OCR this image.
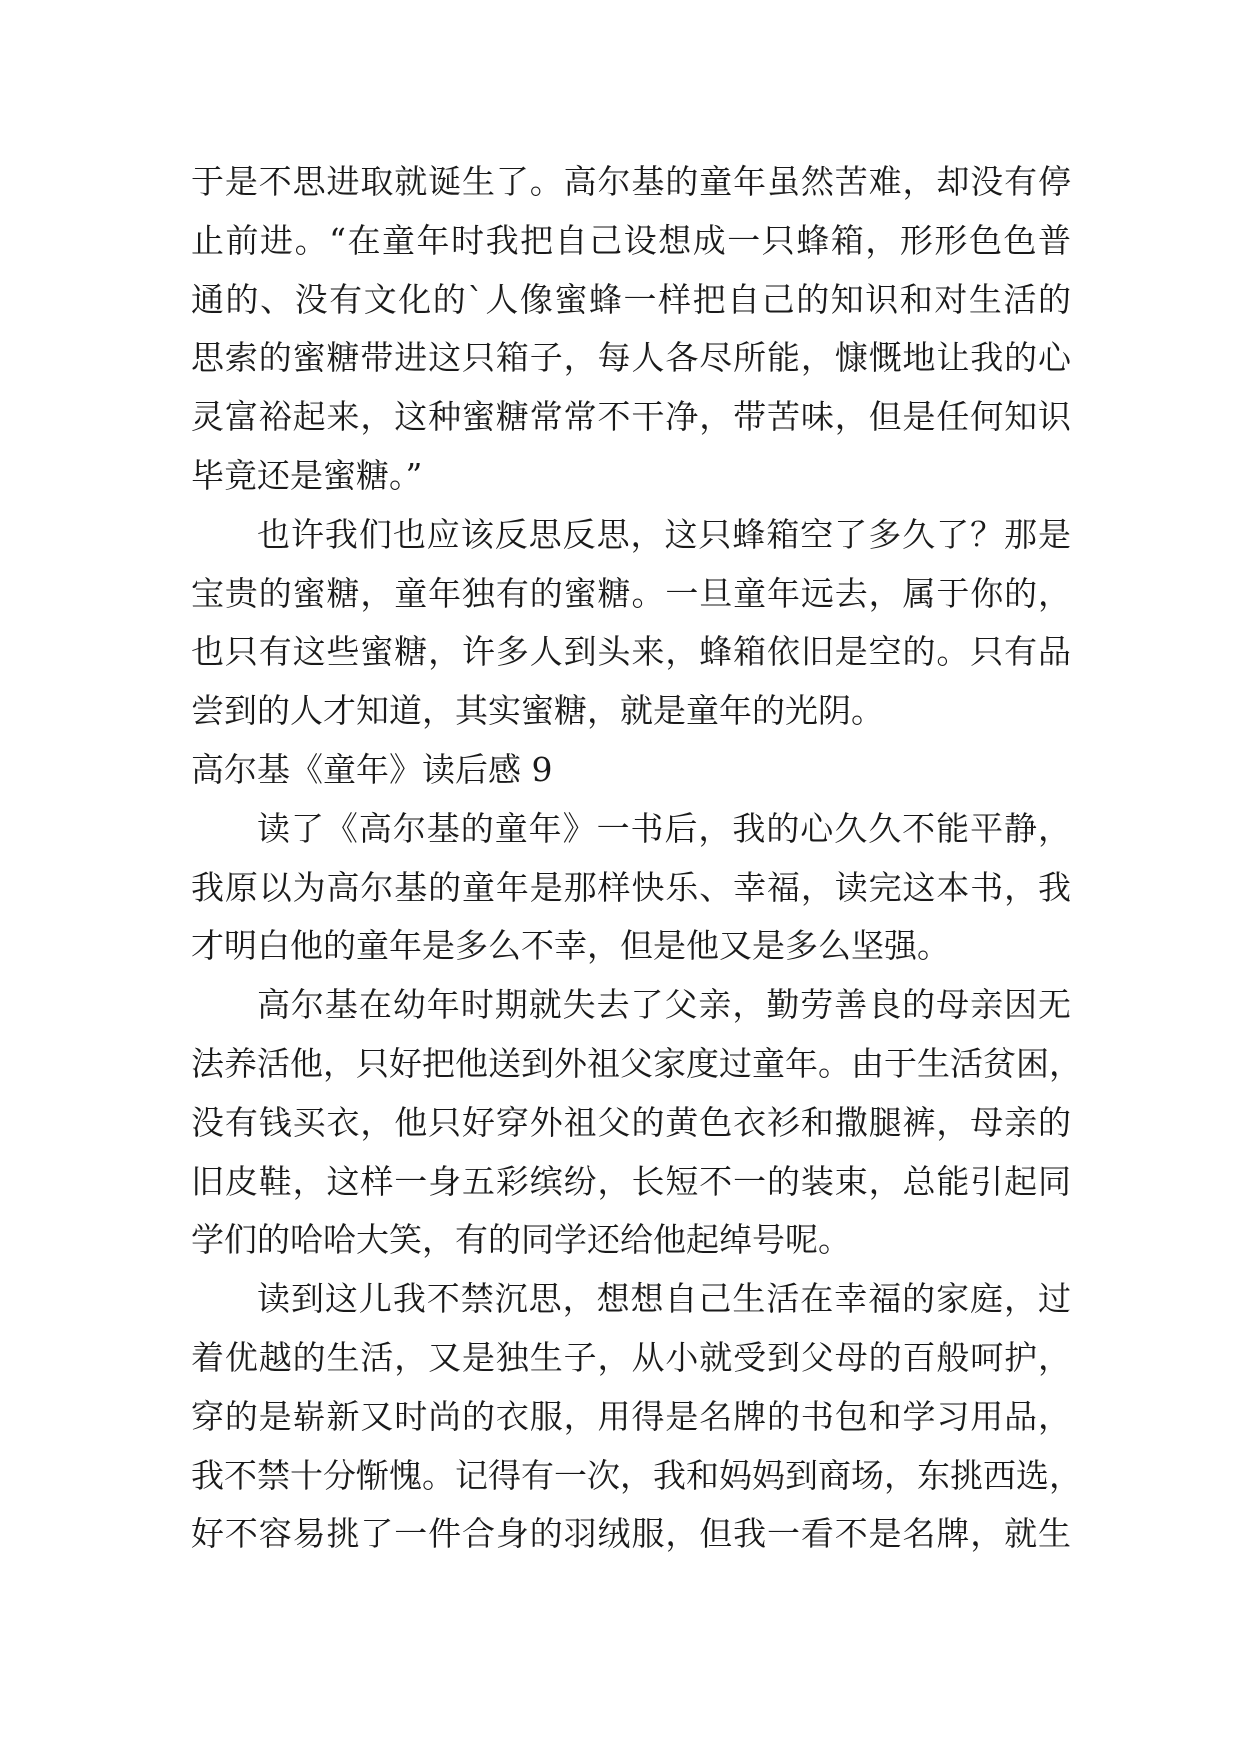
于是不思进取就诞生了。高尔基的童年虽然苦难，却没有停
止前进。“在童年时我把自己设想成一只蜂箱，形形色色普
通的、没有文化的`人像蜜蜂一样把自己的知识和对生活的
思索的蜜糖带进这只箱子，每人各尽所能，慷慨地让我的心
灵富裕起来，这种蜜糖常常不干净，带苦味，但是任何知识
毕竟还是蜜糖。”
也许我们也应该反思反思，这只蜂箱空了多久了？那是
宝贵的蜜糖，童年独有的蜜糖。一旦童年远去，属于你的，
也只有这些蜜糖，许多人到头来，蜂箱依旧是空的。只有品
尝到的人才知道，其实蜜糖，就是童年的光阴。
高尔基《童年》读后感 9
读了《高尔基的童年》一书后，我的心久久不能平静，
我原以为高尔基的童年是那样快乐、幸福，读完这本书，我
才明白他的童年是多么不幸，但是他又是多么坚强。
高尔基在幼年时期就失去了父亲，勤劳善良的母亲因无
法养活他，只好把他送到外祖父家度过童年。由于生活贫困，
没有钱买衣，他只好穿外祖父的黄色衣衫和撒腿裤，母亲的
旧皮鞋，这样一身五彩缤纷，长短不一的装束，总能引起同
学们的哈哈大笑，有的同学还给他起绰号呢。
读到这儿我不禁沉思，想想自己生活在幸福的家庭，过
着优越的生活，又是独生子，从小就受到父母的百般呵护，
穿的是崭新又时尚的衣服，用得是名牌的书包和学习用品，
我不禁十分惭愧。记得有一次，我和妈妈到商场，东挑西选，
好不容易挑了一件合身的羽绒服，但我一看不是名牌，就生
